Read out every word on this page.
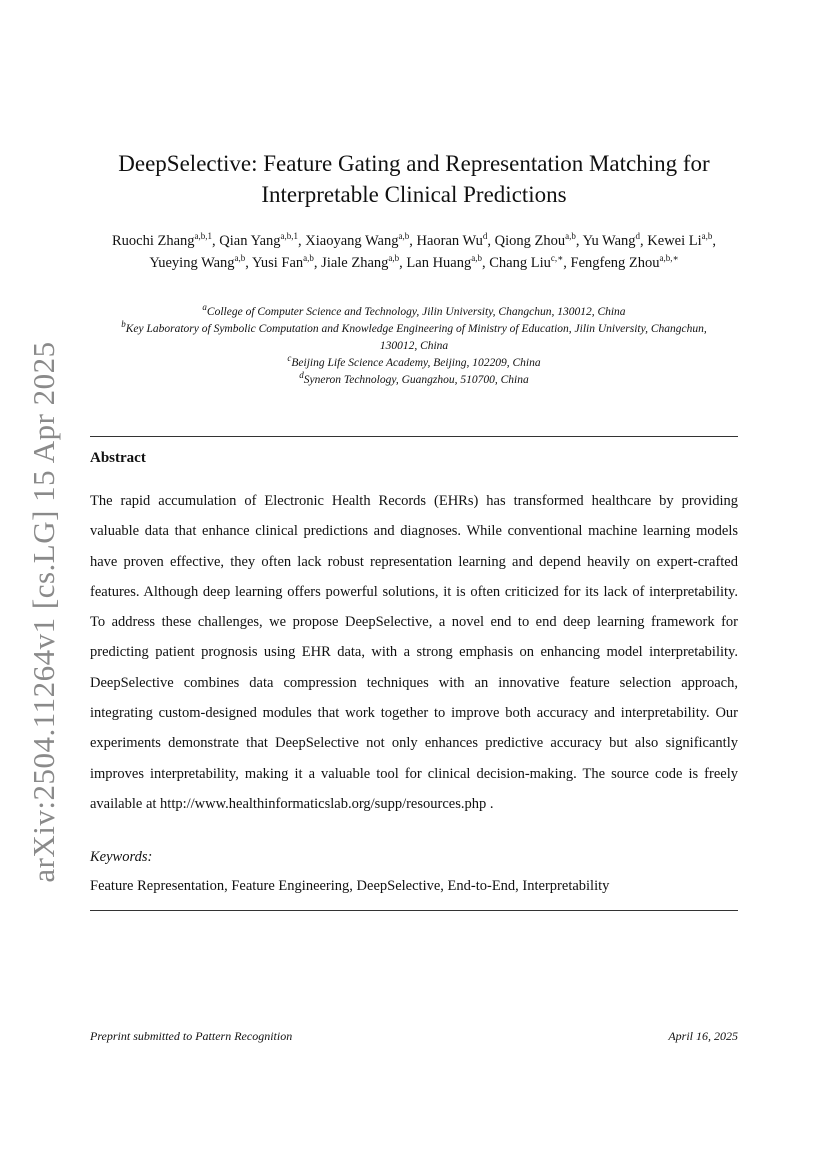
arXiv:2504.11264v1 [cs.LG] 15 Apr 2025
DeepSelective: Feature Gating and Representation Matching for Interpretable Clinical Predictions
Ruochi Zhang$^{a,b,1}$, Qian Yang$^{a,b,1}$, Xiaoyang Wang$^{a,b}$, Haoran Wu$^d$, Qiong Zhou$^{a,b}$, Yu Wang$^d$, Kewei Li$^{a,b}$, Yueying Wang$^{a,b}$, Yusi Fan$^{a,b}$, Jiale Zhang$^{a,b}$, Lan Huang$^{a,b}$, Chang Liu$^{c,∗}$, Fengfeng Zhou$^{a,b,∗}$
$^a$College of Computer Science and Technology, Jilin University, Changchun, 130012, China
$^b$Key Laboratory of Symbolic Computation and Knowledge Engineering of Ministry of Education, Jilin University, Changchun, 130012, China
$^c$Beijing Life Science Academy, Beijing, 102209, China
$^d$Syneron Technology, Guangzhou, 510700, China
Abstract
The rapid accumulation of Electronic Health Records (EHRs) has transformed healthcare by providing valuable data that enhance clinical predictions and diagnoses. While conventional machine learning models have proven effective, they often lack robust representation learning and depend heavily on expert-crafted features. Although deep learning offers powerful solutions, it is often criticized for its lack of interpretability. To address these challenges, we propose DeepSelective, a novel end to end deep learning framework for predicting patient prognosis using EHR data, with a strong emphasis on enhancing model interpretability. DeepSelective combines data compression techniques with an innovative feature selection approach, integrating custom-designed modules that work together to improve both accuracy and interpretability. Our experiments demonstrate that DeepSelective not only enhances predictive accuracy but also significantly improves interpretability, making it a valuable tool for clinical decision-making. The source code is freely available at http://www.healthinformaticslab.org/supp/resources.php .
Keywords:
Feature Representation, Feature Engineering, DeepSelective, End-to-End, Interpretability
Preprint submitted to Pattern Recognition	April 16, 2025
